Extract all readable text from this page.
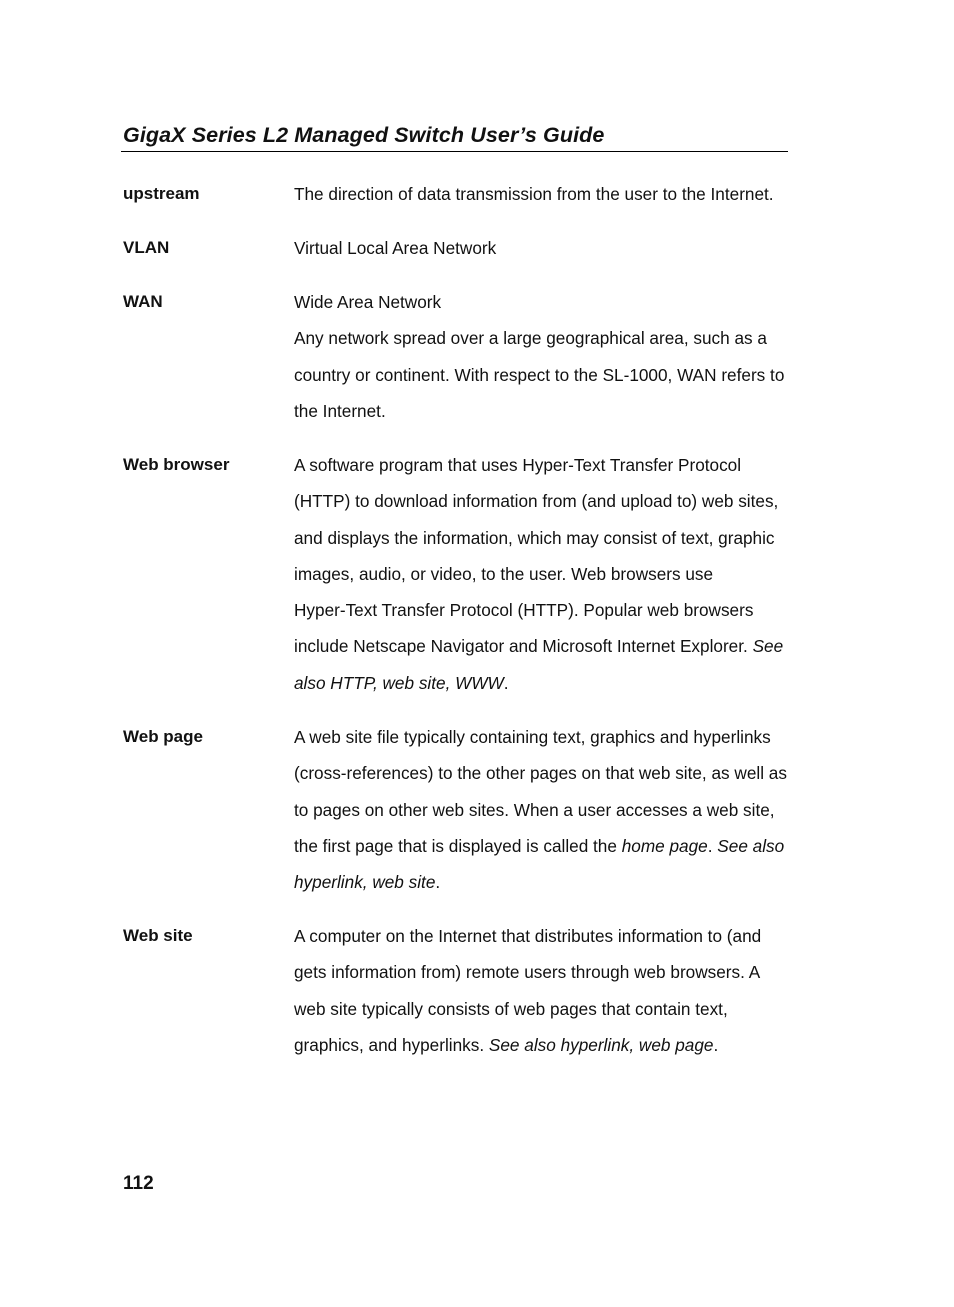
GigaX Series L2 Managed Switch User’s Guide
upstream	The direction of data transmission from the user to the Internet.
VLAN	Virtual Local Area Network
WAN	Wide Area Network
Any network spread over a large geographical area, such as a
country or continent. With respect to the SL-1000, WAN refers to
the Internet.
Web browser	A software program that uses Hyper-Text Transfer Protocol
(HTTP) to download information from (and upload to) web sites,
and displays the information, which may consist of text, graphic
images, audio, or video, to the user. Web browsers use
Hyper-Text Transfer Protocol (HTTP). Popular web browsers
include Netscape Navigator and Microsoft Internet Explorer. See
also HTTP, web site, WWW.
Web page	A web site file typically containing text, graphics and hyperlinks
(cross-references) to the other pages on that web site, as well as
to pages on other web sites. When a user accesses a web site,
the first page that is displayed is called the home page. See also
hyperlink, web site.
Web site	A computer on the Internet that distributes information to (and
gets information from) remote users through web browsers. A
web site typically consists of web pages that contain text,
graphics, and hyperlinks. See also hyperlink, web page.
112
